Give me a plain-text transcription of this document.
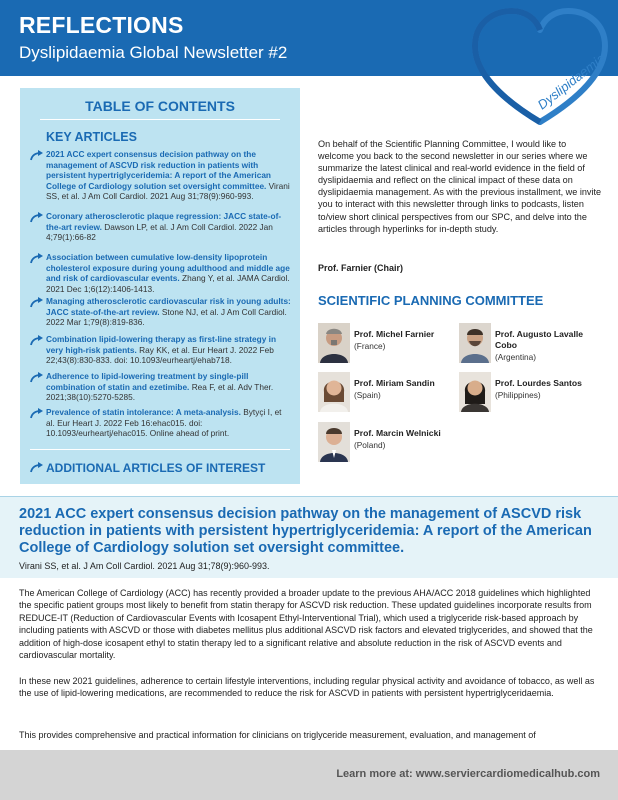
REFLECTIONS
Dyslipidaemia Global Newsletter #2	Dyslipidaemia
TABLE OF CONTENTS
KEY ARTICLES
2021 ACC expert consensus decision pathway on the management of ASCVD risk reduction in patients with persistent hypertriglyceridemia: A report of the American College of Cardiology solution set oversight committee. Virani SS, et al. J Am Coll Cardiol. 2021 Aug 31;78(9):960-993.
Coronary atherosclerotic plaque regression: JACC state-of-the-art review. Dawson LP, et al. J Am Coll Cardiol. 2022 Jan 4;79(1):66-82
Association between cumulative low-density lipoprotein cholesterol exposure during young adulthood and middle age and risk of cardiovascular events. Zhang Y, et al. JAMA Cardiol. 2021 Dec 1;6(12):1406-1413.
Managing atherosclerotic cardiovascular risk in young adults: JACC state-of-the-art review. Stone NJ, et al. J Am Coll Cardiol. 2022 Mar 1;79(8):819-836.
Combination lipid-lowering therapy as first-line strategy in very high-risk patients. Ray KK, et al. Eur Heart J. 2022 Feb 22;43(8):830-833. doi: 10.1093/eurheartj/ehab718.
Adherence to lipid-lowering treatment by single-pill combination of statin and ezetimibe. Rea F, et al. Adv Ther. 2021;38(10):5270-5285.
Prevalence of statin intolerance: A meta-analysis. Bytyçi I, et al. Eur Heart J. 2022 Feb 16:ehac015. doi: 10.1093/eurheartj/ehac015. Online ahead of print.
ADDITIONAL ARTICLES OF INTEREST
On behalf of the Scientific Planning Committee, I would like to welcome you back to the second newsletter in our series where we summarize the latest clinical and real-world evidence in the field of dyslipidaemia and reflect on the clinical impact of these data on dyslipidaemia management. As with the previous installment, we invite you to interact with this newsletter through links to podcasts, listen to/view short clinical perspectives from our SPC, and delve into the articles through hyperlinks for in-depth study.
Prof. Farnier (Chair)
SCIENTIFIC PLANNING COMMITTEE
Prof. Michel Farnier
(France)
Prof. Augusto Lavalle Cobo
(Argentina)
Prof. Miriam Sandin
(Spain)
Prof. Lourdes Santos
(Philippines)
Prof. Marcin Welnicki
(Poland)
2021 ACC expert consensus decision pathway on the management of ASCVD risk reduction in patients with persistent hypertriglyceridemia: A report of the American College of Cardiology solution set oversight committee.
Virani SS, et al. J Am Coll Cardiol. 2021 Aug 31;78(9):960-993.
The American College of Cardiology (ACC) has recently provided a broader update to the previous AHA/ACC 2018 guidelines which highlighted the specific patient groups most likely to benefit from statin therapy for ASCVD risk reduction. These updated guidelines incorporate results from REDUCE-IT (Reduction of Cardiovascular Events with Icosapent Ethyl-Interventional Trial), which used a triglyceride risk-based approach by including patients with ASCVD or those with diabetes mellitus plus additional ASCVD risk factors and elevated triglycerides, and showed that the addition of high-dose icosapent ethyl to statin therapy led to a significant relative and absolute reduction in the risk of ASCVD events and cardiovascular mortality.
In these new 2021 guidelines, adherence to certain lifestyle interventions, including regular physical activity and avoidance of tobacco, as well as the use of lipid-lowering medications, are recommended to reduce the risk for ASCVD in patients with persistent hypertriglyceridaemia.
This provides comprehensive and practical information for clinicians on triglyceride measurement, evaluation, and management of
Learn more at: www.serviercardiomedicalhub.com
